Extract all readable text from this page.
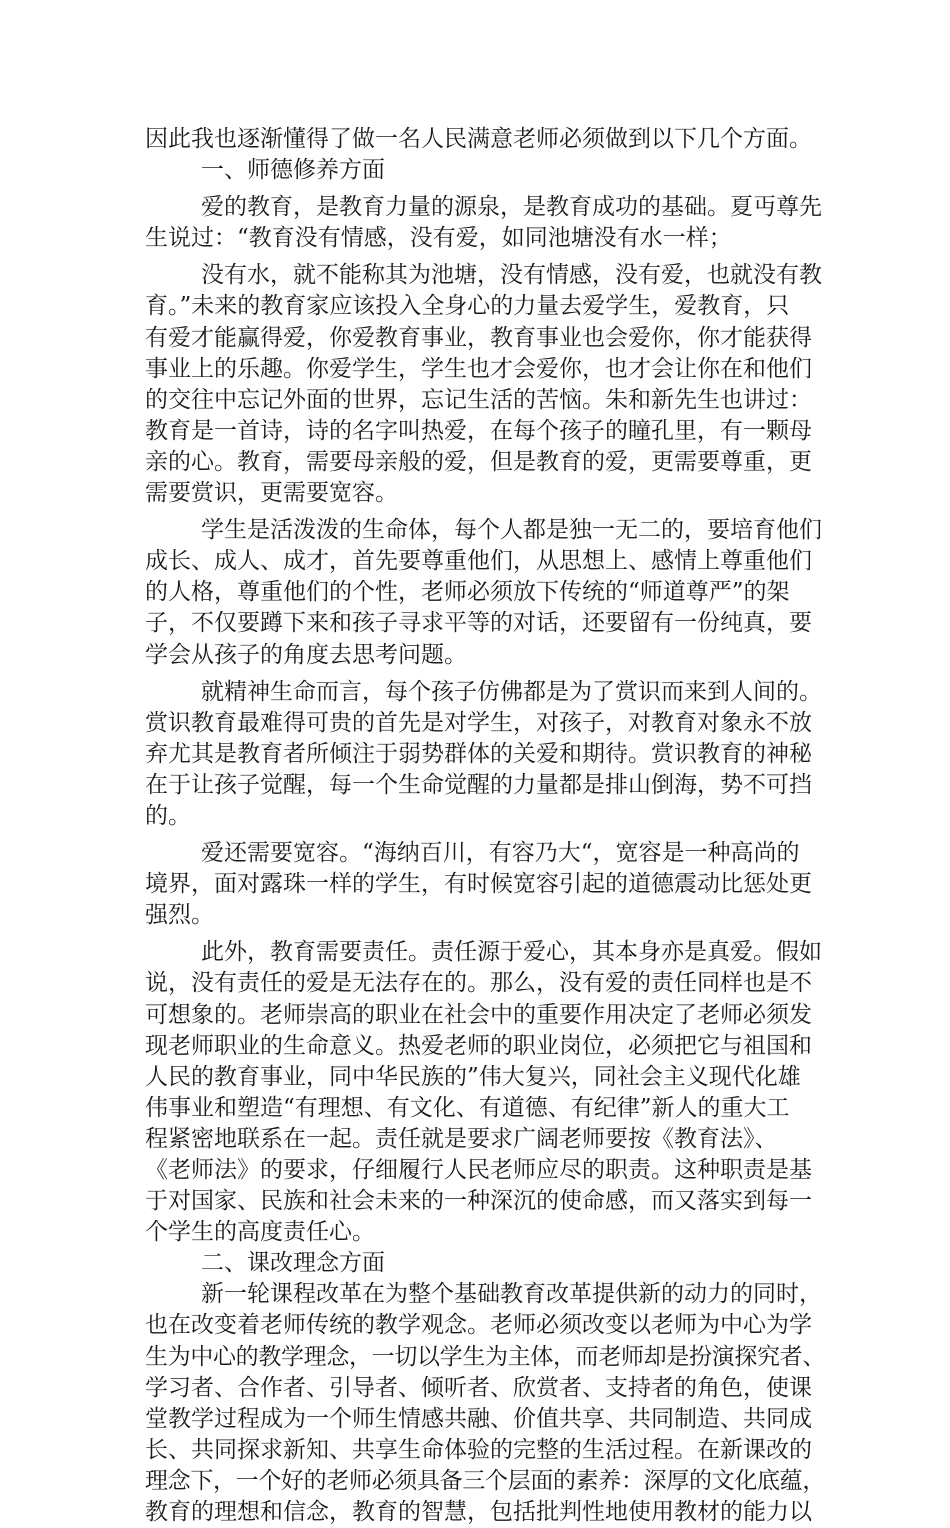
因此我也逐渐懂得了做一名人民满意老师必须做到以下几个方面。
一、师德修养方面
爱的教育，是教育力量的源泉，是教育成功的基础。夏丏尊先
生说过：“教育没有情感，没有爱，如同池塘没有水一样；
没有水，就不能称其为池塘，没有情感，没有爱，也就没有教
育。”未来的教育家应该投入全身心的力量去爱学生，爱教育，只
有爱才能赢得爱，你爱教育事业，教育事业也会爱你，你才能获得
事业上的乐趣。你爱学生，学生也才会爱你，也才会让你在和他们
的交往中忘记外面的世界，忘记生活的苦恼。朱和新先生也讲过：
教育是一首诗，诗的名字叫热爱，在每个孩子的瞳孔里，有一颗母
亲的心。教育，需要母亲般的爱，但是教育的爱，更需要尊重，更
需要赏识，更需要宽容。
学生是活泼泼的生命体，每个人都是独一无二的，要培育他们
成长、成人、成才，首先要尊重他们，从思想上、感情上尊重他们
的人格，尊重他们的个性，老师必须放下传统的“师道尊严”的架
子，不仅要蹲下来和孩子寻求平等的对话，还要留有一份纯真，要
学会从孩子的角度去思考问题。
就精神生命而言，每个孩子仿佛都是为了赏识而来到人间的。
赏识教育最难得可贵的首先是对学生，对孩子，对教育对象永不放
弃尤其是教育者所倾注于弱势群体的关爱和期待。赏识教育的神秘
在于让孩子觉醒，每一个生命觉醒的力量都是排山倒海，势不可挡
的。
爱还需要宽容。“海纳百川，有容乃大“，宽容是一种高尚的
境界，面对露珠一样的学生，有时候宽容引起的道德震动比惩处更
强烈。
此外，教育需要责任。责任源于爱心，其本身亦是真爱。假如
说，没有责任的爱是无法存在的。那么，没有爱的责任同样也是不
可想象的。老师崇高的职业在社会中的重要作用决定了老师必须发
现老师职业的生命意义。热爱老师的职业岗位，必须把它与祖国和
人民的教育事业，同中华民族的”伟大复兴，同社会主义现代化雄
伟事业和塑造“有理想、有文化、有道德、有纪律”新人的重大工
程紧密地联系在一起。责任就是要求广阔老师要按《教育法》、
《老师法》的要求，仔细履行人民老师应尽的职责。这种职责是基
于对国家、民族和社会未来的一种深沉的使命感，而又落实到每一
个学生的高度责任心。
二、课改理念方面
新一轮课程改革在为整个基础教育改革提供新的动力的同时，
也在改变着老师传统的教学观念。老师必须改变以老师为中心为学
生为中心的教学理念，一切以学生为主体，而老师却是扮演探究者、
学习者、合作者、引导者、倾听者、欣赏者、支持者的角色，使课
堂教学过程成为一个师生情感共融、价值共享、共同制造、共同成
长、共同探求新知、共享生命体验的完整的生活过程。在新课改的
理念下，一个好的老师必须具备三个层面的素养：深厚的文化底蕴，
教育的理想和信念，教育的智慧，包括批判性地使用教材的能力以
